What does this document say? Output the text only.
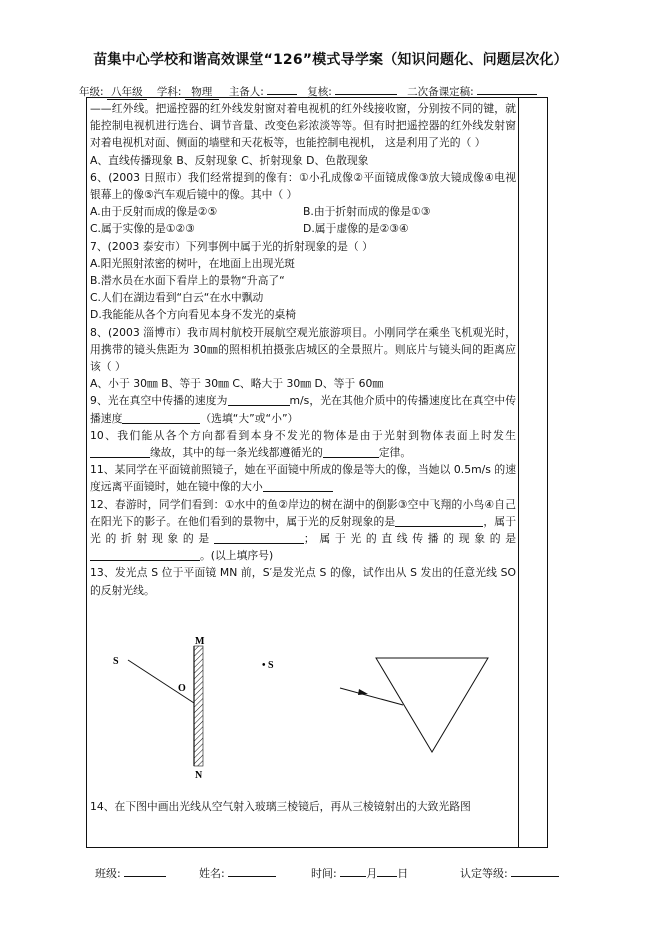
苗集中心学校和谐高效课堂“126”模式导学案（知识问题化、问题层次化）
年级: 八年级 学科: 物理 主备人:	复核:	二次备课定稿:

——红外线。把遥控器的红外线发射窗对着电视机的红外线接收窗，分别按不同的键，就能控制电视机进行选台、调节音量、改变色彩浓淡等等。但有时把遥控器的红外线发射窗对着电视机对面、侧面的墙壁和天花板等，也能控制电视机， 这是利用了光的（ ）

A、直线传播现象 B、反射现象 C、折射现象 D、色散现象

6、(2003 日照市）我们经常提到的像有：①小孔成像②平面镜成像③放大镜成像④电视银幕上的像⑤汽车观后镜中的像。其中（ ）

A.由于反射而成的像是②⑤	B.由于折射而成的像是①③
C.属于实像的是①②③	D.属于虚像的是②③④

7、(2003 泰安市）下列事例中属于光的折射现象的是（ ）

A.阳光照射浓密的树叶，在地面上出现光斑

B.潜水员在水面下看岸上的景物“升高了“

C.人们在湖边看到“白云“在水中飘动

D.我能能从各个方向看见本身不发光的桌椅

8、(2003 淄博市）我市周村航校开展航空观光旅游项目。小刚同学在乘坐飞机观光时，用携带的镜头焦距为 30㎜的照相机拍摄张店城区的全景照片。则底片与镜头间的距离应该（ ）

A、小于 30㎜ B、等于 30㎜ C、略大于 30㎜ D、等于 60㎜

9、光在真空中传播的速度为	m/s，光在其他介质中的传播速度比在真空中传播速度	（选填“大”或“小”）

10、我们能从各个方向都看到本身不发光的物体是由于光射到物体表面上时发生缘故，其中的每一条光线都遵循光的	定律。

11、某同学在平面镜前照镜子，她在平面镜中所成的像是等大的像，当她以 0.5m/s 的速度远离平面镜时，她在镜中像的大小

12、春游时，同学们看到：①水中的鱼②岸边的树在湖中的倒影③空中飞翔的小鸟④自己在阳光下的影子。在他们看到的景物中，属于光的反射现象的是	，属于光的折射现象的是	；属于光的直线传播的现象的是。(以上填序号)

13、发光点 S 位于平面镜 MN 前，S′是发光点 S 的像，试作出从 S 发出的任意光线 SO 的反射光线。

M
N
S
O
• S
14、在下图中画出光线从空气射入玻璃三棱镜后，再从三棱镜射出的大致光路图
班级:	姓名:	时间:	月 日	认定等级:
